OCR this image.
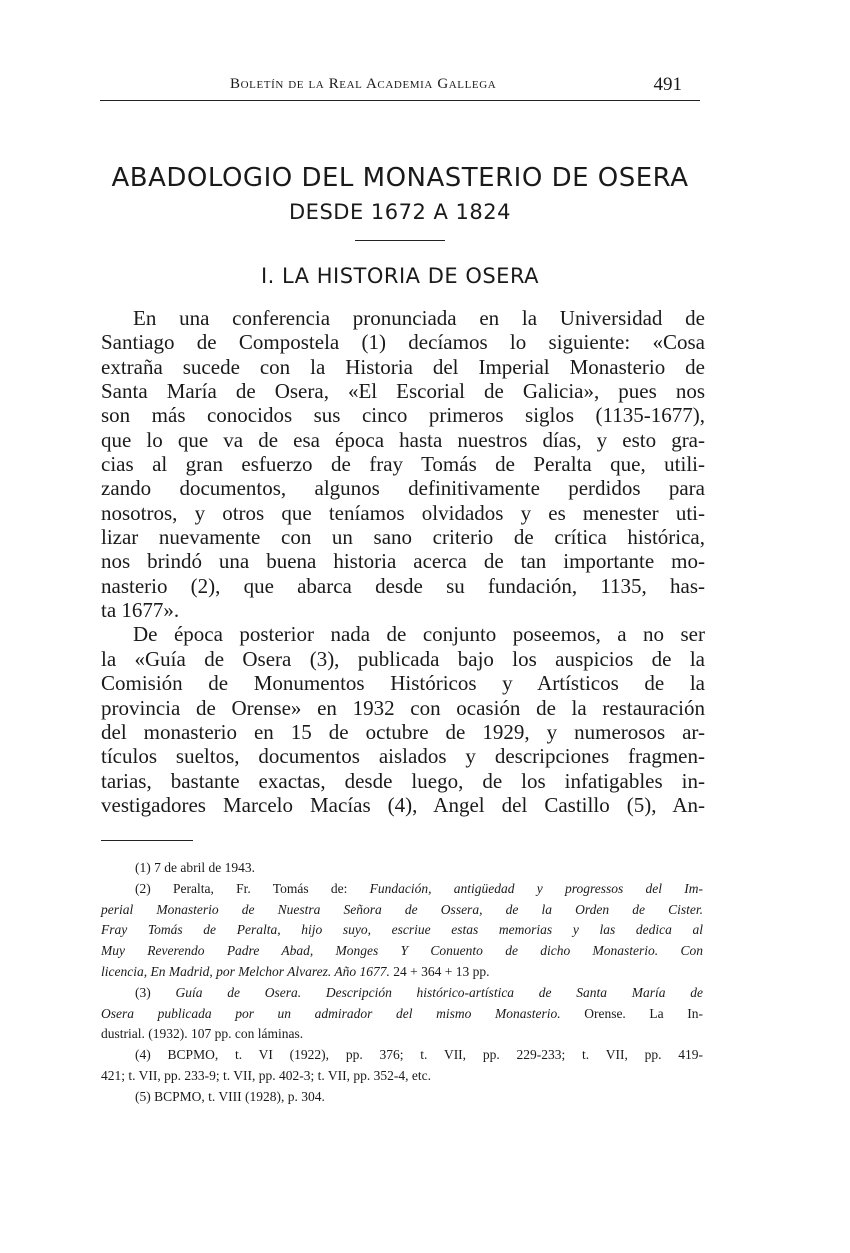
Boletín de la Real Academia Gallega	491
ABADOLOGIO DEL MONASTERIO DE OSERA
DESDE 1672 A 1824
I. LA HISTORIA DE OSERA
En una conferencia pronunciada en la Universidad de
Santiago de Compostela (1) decíamos lo siguiente: «Cosa
extraña sucede con la Historia del Imperial Monasterio de
Santa María de Osera, «El Escorial de Galicia», pues nos
son más conocidos sus cinco primeros siglos (1135-1677),
que lo que va de esa época hasta nuestros días, y esto gra-
cias al gran esfuerzo de fray Tomás de Peralta que, utili-
zando documentos, algunos definitivamente perdidos para
nosotros, y otros que teníamos olvidados y es menester uti-
lizar nuevamente con un sano criterio de crítica histórica,
nos brindó una buena historia acerca de tan importante mo-
nasterio (2), que abarca desde su fundación, 1135, has-
ta 1677».
De época posterior nada de conjunto poseemos, a no ser
la «Guía de Osera (3), publicada bajo los auspicios de la
Comisión de Monumentos Históricos y Artísticos de la
provincia de Orense» en 1932 con ocasión de la restauración
del monasterio en 15 de octubre de 1929, y numerosos ar-
tículos sueltos, documentos aislados y descripciones fragmen-
tarias, bastante exactas, desde luego, de los infatigables in-
vestigadores Marcelo Macías (4), Angel del Castillo (5), An-
(1) 7 de abril de 1943.
(2) Peralta, Fr. Tomás de: Fundación, antigüedad y progressos del Im-
perial Monasterio de Nuestra Señora de Ossera, de la Orden de Cister.
Fray Tomás de Peralta, hijo suyo, escriue estas memorias y las dedica al
Muy Reverendo Padre Abad, Monges Y Conuento de dicho Monasterio. Con
licencia, En Madrid, por Melchor Alvarez. Año 1677. 24 + 364 + 13 pp.
(3) Guía de Osera. Descripción histórico-artística de Santa María de
Osera publicada por un admirador del mismo Monasterio. Orense. La In-
dustrial. (1932). 107 pp. con láminas.
(4) BCPMO, t. VI (1922), pp. 376; t. VII, pp. 229-233; t. VII, pp. 419-
421; t. VII, pp. 233-9; t. VII, pp. 402-3; t. VII, pp. 352-4, etc.
(5) BCPMO, t. VIII (1928), p. 304.
